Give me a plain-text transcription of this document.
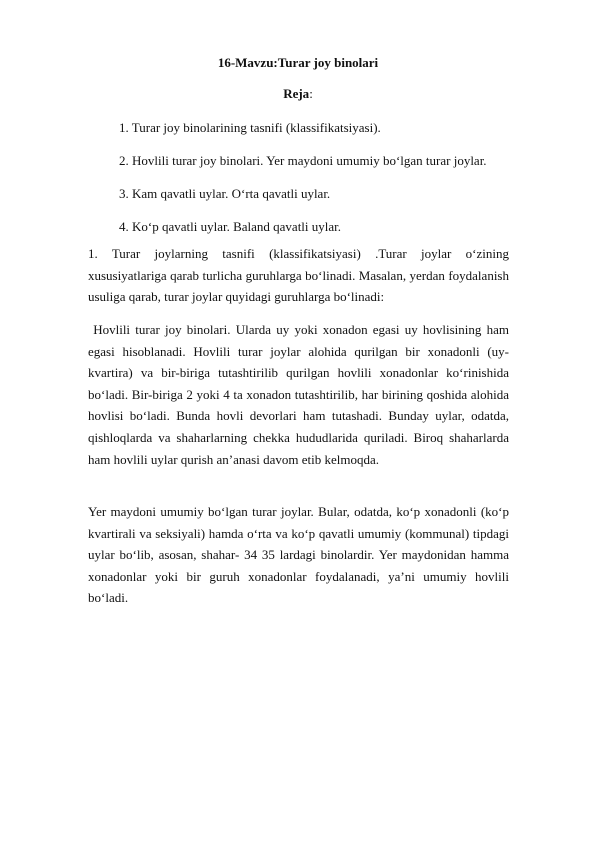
16-Mavzu:Turar joy binolari
Reja:
1. Turar joy binolarining tasnifi (klassifikatsiyasi).
2. Hovlili turar joy binolari. Yer maydoni umumiy bo‘lgan turar joylar.
3. Kam qavatli uylar. O‘rta qavatli uylar.
4. Ko‘p qavatli uylar. Baland qavatli uylar.

1. Turar joylarning tasnifi (klassifikatsiyasi) .Turar joylar o‘zining xususiyatlariga qarab turlicha guruhlarga bo‘linadi. Masalan, yerdan foydalanish usuliga qarab, turar joylar quyidagi guruhlarga bo‘linadi:

Hovlili turar joy binolari. Ularda uy yoki xonadon egasi uy hovlisining ham egasi hisoblanadi. Hovlili turar joylar alohida qurilgan bir xonadonli (uy-kvartira) va bir-biriga tutashtirilib qurilgan hovlili xonadonlar ko‘rinishida bo‘ladi. Bir-biriga 2 yoki 4 ta xonadon tutashtirilib, har birining qoshida alohida hovlisi bo‘ladi. Bunda hovli devorlari ham tutashadi. Bunday uylar, odatda, qishloqlarda va shaharlarning chekka hududlarida quriladi. Biroq shaharlarda ham hovlili uylar qurish an’anasi davom etib kelmoqda.

Yer maydoni umumiy bo‘lgan turar joylar. Bular, odatda, ko‘p xonadonli (ko‘p kvartirali va seksiyali) hamda o‘rta va ko‘p qavatli umumiy (kommunal) tipdagi uylar bo‘lib, asosan, shahar- 34 35 lardagi binolardir. Yer maydonidan hamma xonadonlar yoki bir guruh xonadonlar foydalanadi, ya’ni umumiy hovlili bo‘ladi.
